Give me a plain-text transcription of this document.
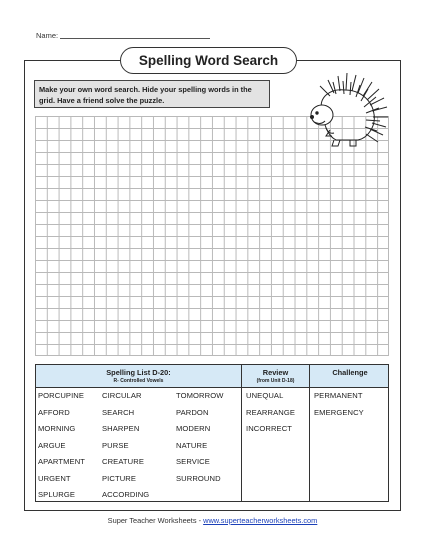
Name:
Spelling Word Search
Make your own word search. Hide your spelling words in the grid. Have a friend solve the puzzle.
Spelling List D-20:
R- Controlled Vowels
Review
(from Unit D-18)
Challenge
PORCUPINE
AFFORD
MORNING
ARGUE
APARTMENT
URGENT
SPLURGE
CIRCULAR
SEARCH
SHARPEN
PURSE
CREATURE
PICTURE
ACCORDING
TOMORROW
PARDON
MODERN
NATURE
SERVICE
SURROUND
UNEQUAL
REARRANGE
INCORRECT
PERMANENT
EMERGENCY
Super Teacher Worksheets - www.superteacherworksheets.com
